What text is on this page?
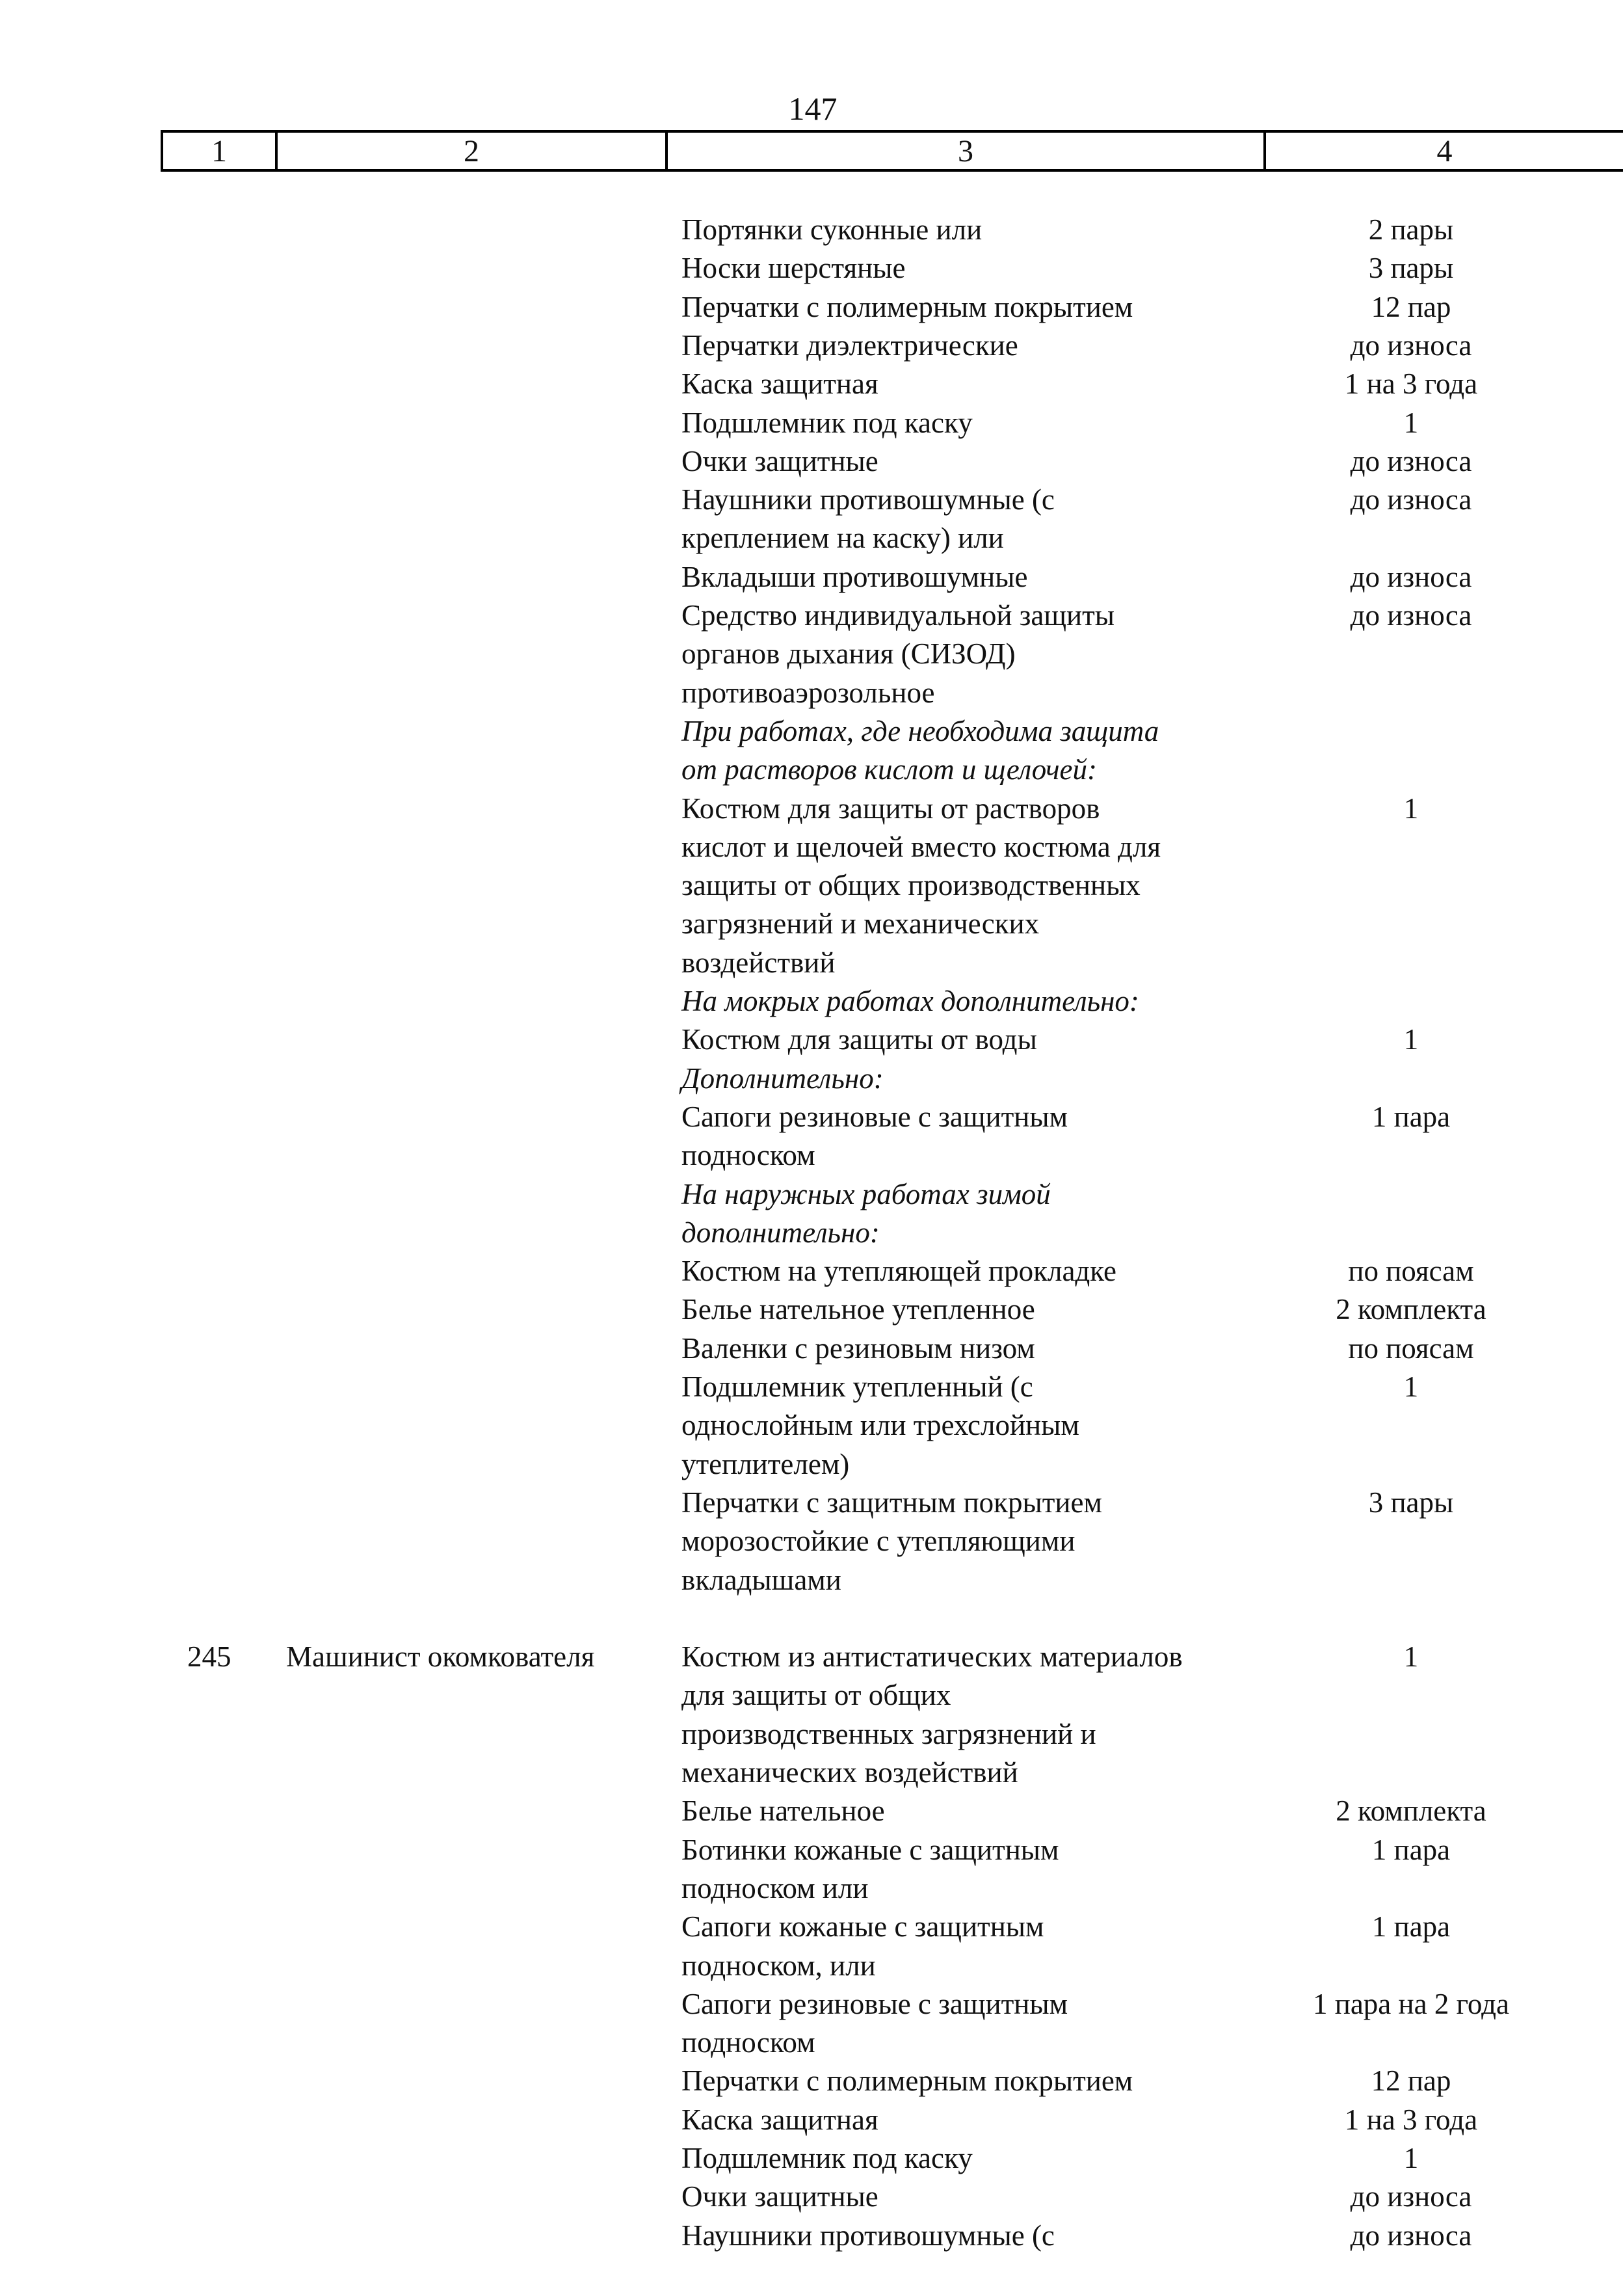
147
1	2	3	4
Портянки суконные или	2 пары
Носки шерстяные	3 пары
Перчатки с полимерным покрытием	12 пар
Перчатки диэлектрические	до износа
Каска защитная	1 на 3 года
Подшлемник под каску	1
Очки защитные	до износа
Наушники противошумные (с	до износа
креплением на каску) или
Вкладыши противошумные	до износа
Средство индивидуальной защиты	до износа
органов дыхания (СИЗОД)
противоаэрозольное
При работах, где необходима защита
от растворов кислот и щелочей:
Костюм для защиты от растворов	1
кислот и щелочей вместо костюма для
защиты от общих производственных
загрязнений и механических
воздействий
На мокрых работах дополнительно:
Костюм для защиты от воды	1
Дополнительно:
Сапоги резиновые с защитным	1 пара
подноском
На наружных работах зимой
дополнительно:
Костюм на утепляющей прокладке	по поясам
Белье нательное утепленное	2 комплекта
Валенки с резиновым низом	по поясам
Подшлемник утепленный (с	1
однослойным или трехслойным
утеплителем)
Перчатки с защитным покрытием	3 пары
морозостойкие с утепляющими
вкладышами
245 Машинист окомкователя	Костюм из антистатических материалов	1
для защиты от общих
производственных загрязнений и
механических воздействий
Белье нательное	2 комплекта
Ботинки кожаные с защитным	1 пара
подноском или
Сапоги кожаные с защитным	1 пара
подноском, или
Сапоги резиновые с защитным	1 пара на 2 года
подноском
Перчатки с полимерным покрытием	12 пар
Каска защитная	1 на 3 года
Подшлемник под каску	1
Очки защитные	до износа
Наушники противошумные (с	до износа
